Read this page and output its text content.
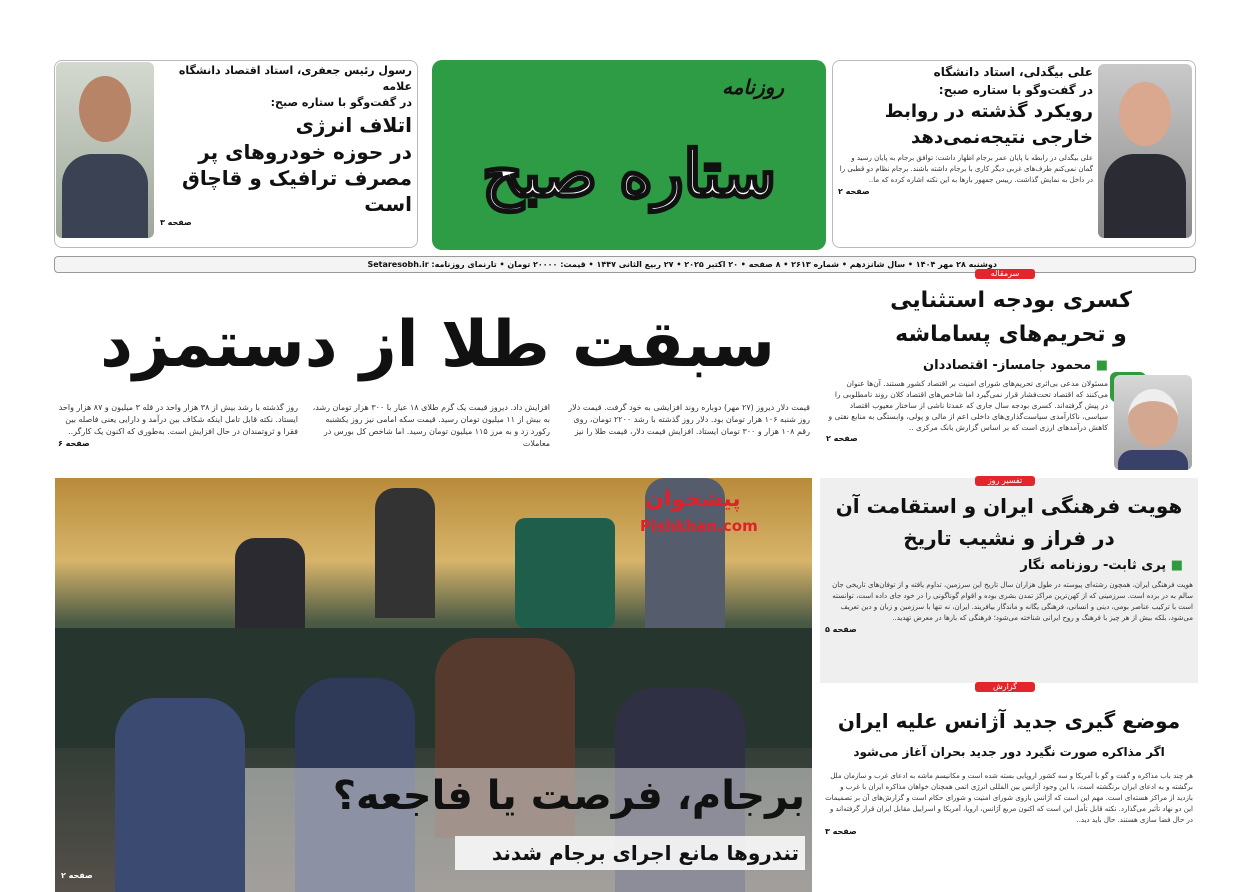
علی بیگدلی، استاد دانشگاه
در گفت‌وگو با ستاره صبح:
رویکرد گذشته در روابط خارجی نتیجه‌نمی‌دهد
علی بیگدلی در رابطه با پایان عمر برجام اظهار داشت: توافق برجام به پایان رسید و گمان نمی‌کنم طرف‌های غربی دیگر کاری با برجام داشته باشند. برجام نظام دو قطبی را در داخل به نمایش گذاشت. رییس جمهور بارها به این نکته اشاره کرده که ما..
صفحه ۲
روزنامه
ستاره صبح
رسول رئیس جعفری، استاد اقتصاد دانشگاه علامه
در گفت‌وگو با ستاره صبح:
اتلاف انرژی
در حوزه خودروهای پر مصرف ترافیک و قاچاق است
صفحه ۳
دوشنبه ۲۸ مهر ۱۴۰۴ • سال شانزدهم • شماره ۲۶۱۳ • ۸ صفحه • ۲۰ اکتبر ۲۰۲۵ • ۲۷ ربیع الثانی ۱۴۴۷ • قیمت: ۲۰۰۰۰ تومان • تارنمای روزنامه: Setaresobh.ir
سبقت طلا از دستمزد
قیمت دلار دیروز (۲۷ مهر) دوباره روند افزایشی به خود گرفت. قیمت دلار روز شنبه ۱۰۶ هزار تومان بود. دلار روز گذشته با رشد ۲۲۰۰ تومان، روی رقم ۱۰۸ هزار و ۳۰۰ تومان ایستاد. افزایش قیمت دلار، قیمت طلا را نیز
افزایش داد. دیروز قیمت یک گرم طلای ۱۸ عیار با ۳۰۰ هزار تومان رشد، به بیش از ۱۱ میلیون تومان رسید. قیمت سکه امامی نیز روز یکشنبه رکورد زد و به مرز ۱۱۵ میلیون تومان رسید. اما شاخص کل بورس در معاملات
روز گذشته با رشد بیش از ۳۸ هزار واحد در قله ۳ میلیون و ۸۷ هزار واحد ایستاد. نکته قابل تامل اینکه شکاف بین درآمد و دارایی یعنی فاصله بین فقرا و ثروتمندان در حال افزایش است. به‌طوری که اکنون یک کارگر..
صفحه ۶
برجام، فرصت یا فاجعه؟
تندروها مانع اجرای برجام شدند
صفحه ۲
پیشخوان
Pishkhan.com
سرمقاله
کسری بودجه استثنایی
و تحریم‌های پساماشه
■ محمود جامساز- اقتصاددان
مسئولان مدعی بی‌اثری تحریم‌های شورای امنیت بر اقتصاد کشور هستند. آن‌ها عنوان می‌کنند که اقتصاد تحت‌فشار قرار نمی‌گیرد اما شاخص‌های اقتصاد کلان روند نامطلوبی را در پیش گرفته‌اند. کسری بودجه سال جاری که عمدتا ناشی از ساختار معیوب اقتصاد سیاسی، ناکارآمدی سیاست‌گذاری‌های داخلی اعم از مالی و پولی، وابستگی به منابع نفتی و کاهش درآمدهای ارزی است که بر اساس گزارش بانک مرکزی ..
صفحه ۲
تفسیر روز
هویت فرهنگی ایران و استقامت آن
در فراز و نشیب تاریخ
■ پری ثابت- روزنامه نگار
هویت فرهنگی ایران، همچون رشته‌ای پیوسته در طول هزاران سال تاریخ این سرزمین، تداوم یافته و از توفان‌های تاریخی جان سالم به در برده است. سرزمینی که از کهن‌ترین مراکز تمدن بشری بوده و اقوام گوناگونی را در خود جای داده است، توانسته است با ترکیب عناصر بومی، دینی و انسانی، فرهنگی یگانه و ماندگار بیافریند. ایران، نه تنها با سرزمین و زبان و دین تعریف می‌شود، بلکه بیش از هر چیز با فرهنگ و روح ایرانی شناخته می‌شود؛ فرهنگی که بارها در معرض تهدید..
صفحه ۵
گزارش
موضع گیری جدید آژانس علیه ایران
اگر مذاکره صورت نگیرد دور جدید بحران آغاز می‌شود
هر چند باب مذاکره و گفت و گو با آمریکا و سه کشور اروپایی بسته شده است و مکانیسم ماشه به ادعای غرب و سازمان ملل برگشته و به ادعای ایران برنگشته است، با این وجود آژانس بین المللی انرژی اتمی همچنان خواهان مذاکره ایران با غرب و بازدید از مراکز هسته‌ای است. مهم این است که آژانس بازوی شورای امنیت و شورای حکام است و گزارش‌های آن بر تصمیمات این دو نهاد تأثیر می‌گذارد. نکته قابل تأمل این است که اکنون مربع آژانس، اروپا، آمریکا و اسراییل مقابل ایران قرار گرفته‌اند و در حال فضا سازی هستند. حال باید دید..
صفحه ۳
